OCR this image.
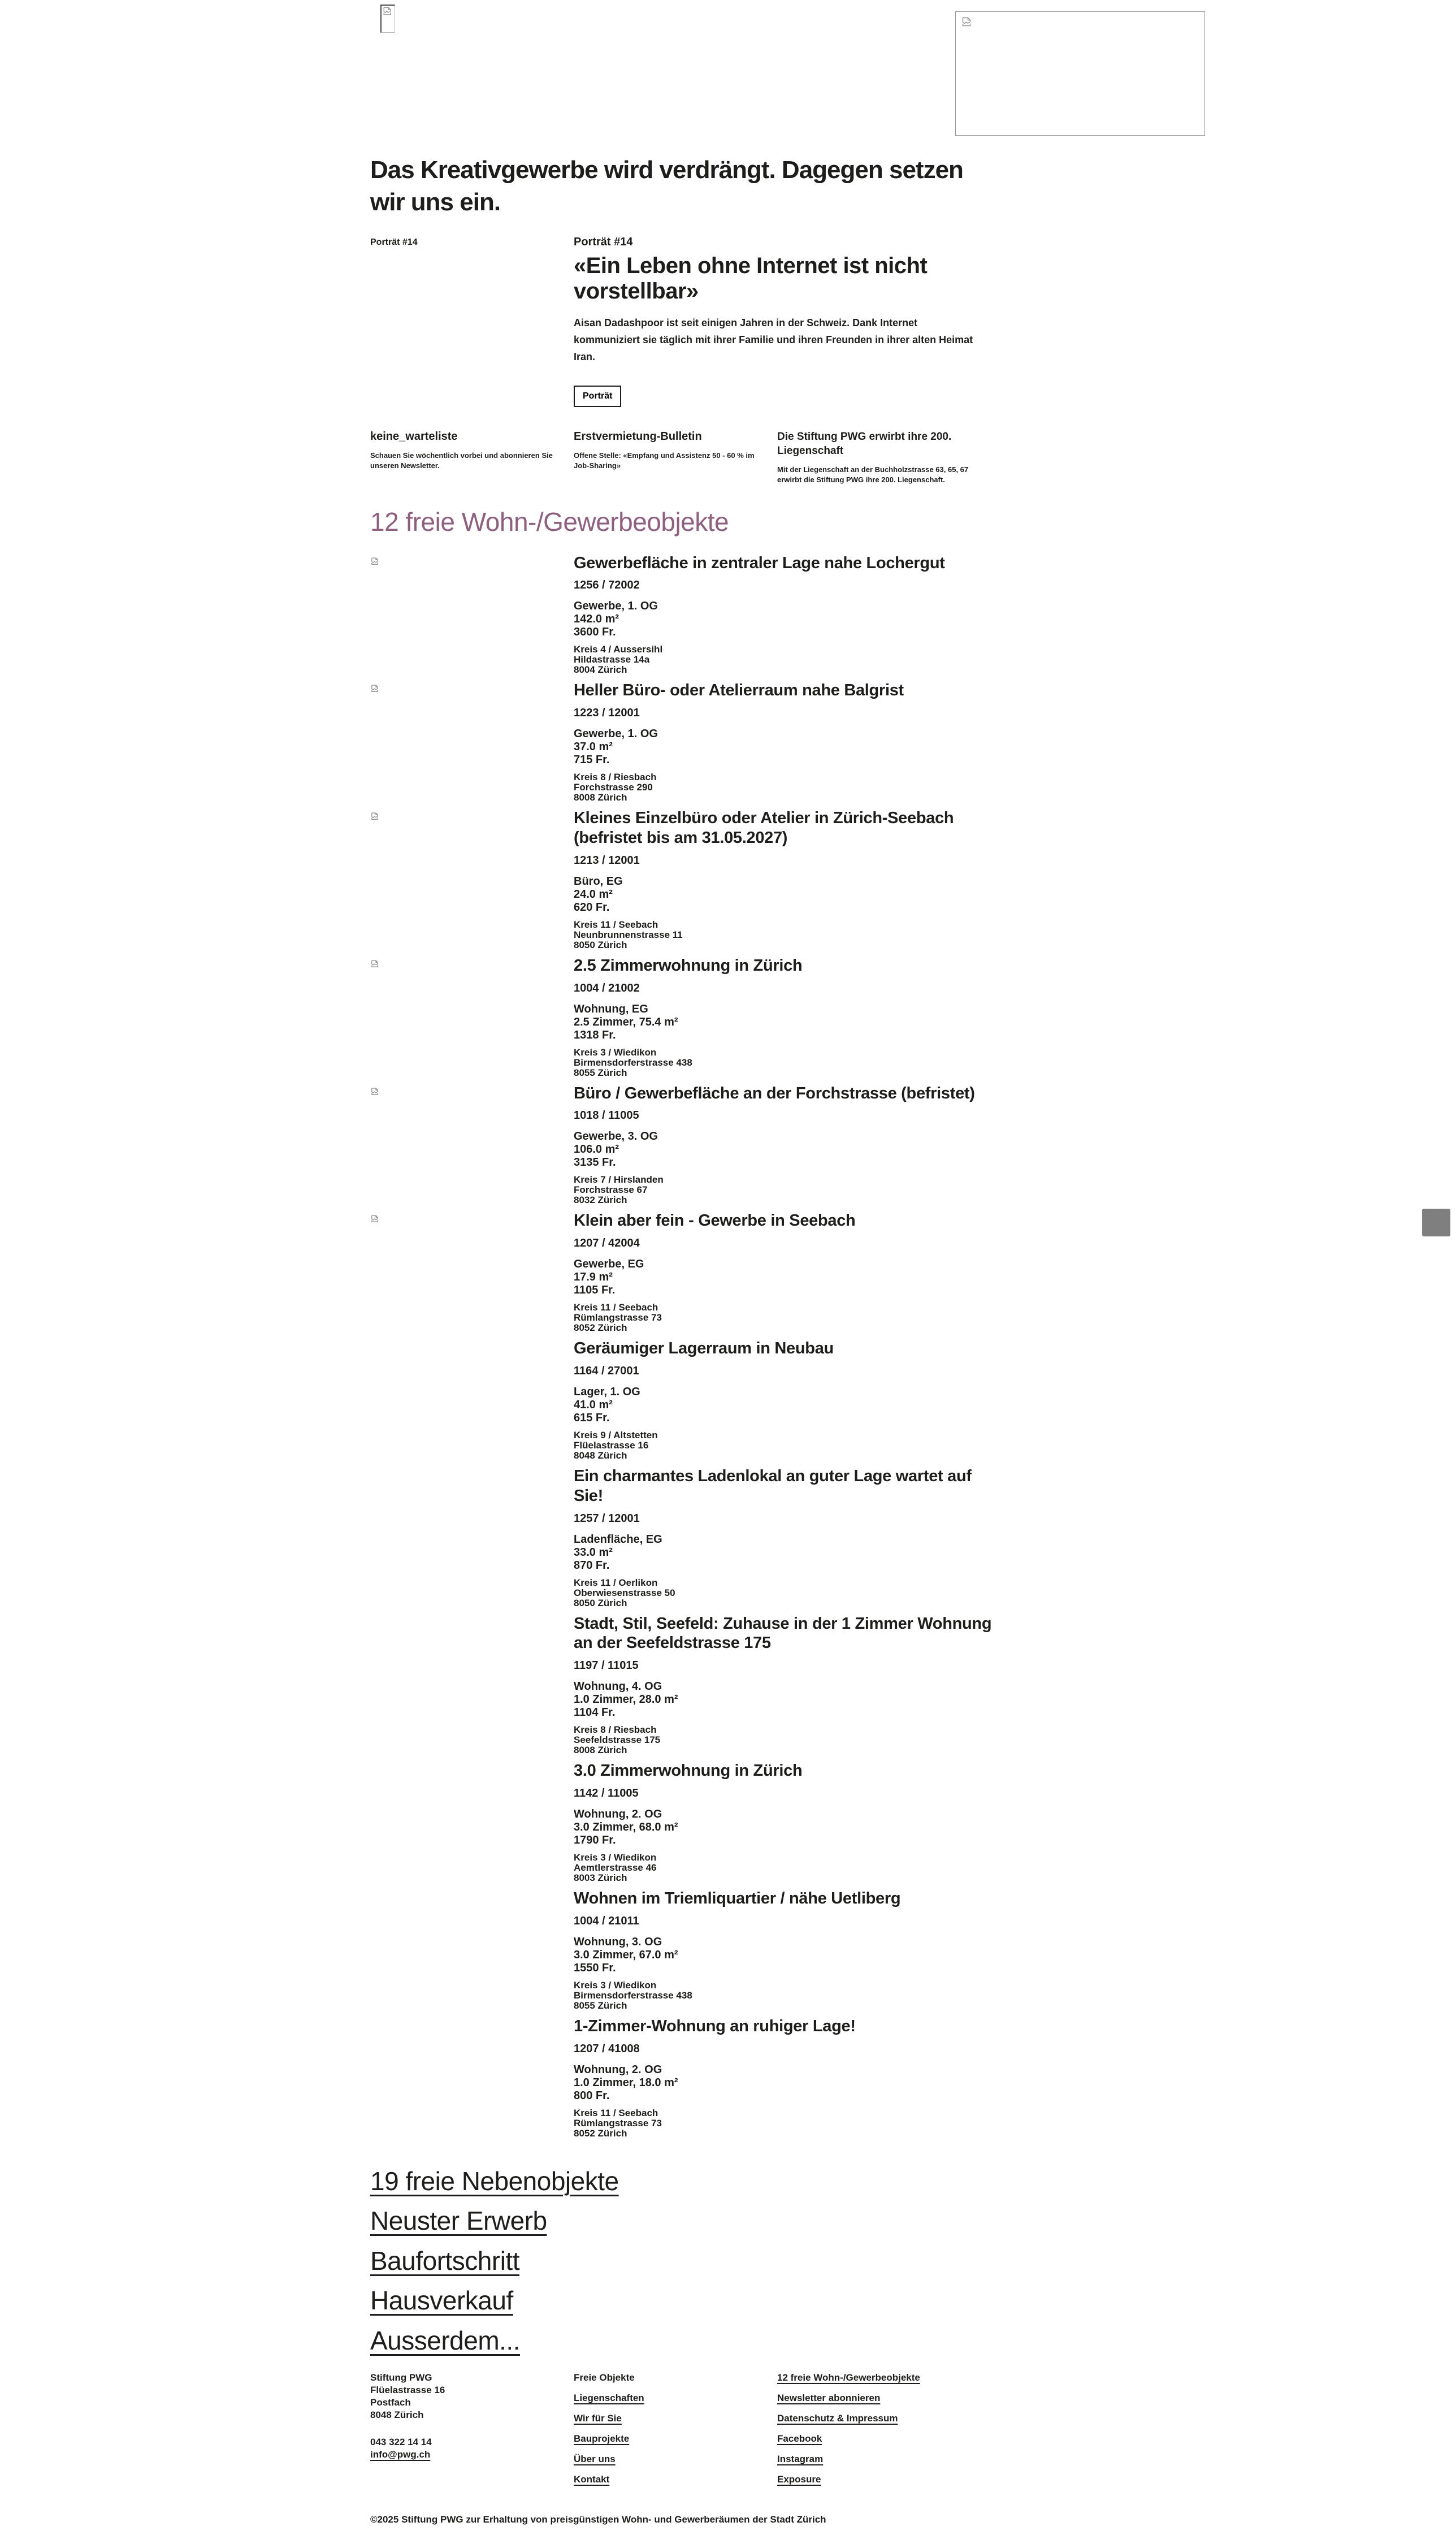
Das Kreativgewerbe wird verdrängt. Dagegen setzen wir uns ein.
Porträt #14	Porträt #14
«Ein Leben ohne Internet ist nicht vorstellbar»

Aisan Dadashpoor ist seit einigen Jahren in der Schweiz. Dank Internet kommuniziert sie täglich mit ihrer Familie und ihren Freunden in ihrer alten Heimat Iran.

Porträt
keine_warteliste
Schauen Sie wöchentlich vorbei und abonnieren Sie unseren Newsletter.
Erstvermietung-Bulletin
Offene Stelle: «Empfang und Assistenz 50 - 60 % im Job-Sharing»
Die Stiftung PWG erwirbt ihre 200. Liegenschaft
Mit der Liegenschaft an der Buchholzstrasse 63, 65, 67 erwirbt die Stiftung PWG ihre 200. Liegenschaft.
12 freie Wohn-/Gewerbeobjekte
Gewerbefläche in zentraler Lage nahe Lochergut
1256 / 72002
Gewerbe, 1. OG
142.0 m²
3600 Fr.
Kreis 4 / Aussersihl
Hildastrasse 14a
8004 Zürich
Heller Büro- oder Atelierraum nahe Balgrist
1223 / 12001
Gewerbe, 1. OG
37.0 m²
715 Fr.
Kreis 8 / Riesbach
Forchstrasse 290
8008 Zürich
Kleines Einzelbüro oder Atelier in Zürich-Seebach (befristet bis am 31.05.2027)
1213 / 12001
Büro, EG
24.0 m²
620 Fr.
Kreis 11 / Seebach
Neunbrunnenstrasse 11
8050 Zürich
2.5 Zimmerwohnung in Zürich
1004 / 21002
Wohnung, EG
2.5 Zimmer, 75.4 m²
1318 Fr.
Kreis 3 / Wiedikon
Birmensdorferstrasse 438
8055 Zürich
Büro / Gewerbefläche an der Forchstrasse (befristet)
1018 / 11005
Gewerbe, 3. OG
106.0 m²
3135 Fr.
Kreis 7 / Hirslanden
Forchstrasse 67
8032 Zürich
Klein aber fein - Gewerbe in Seebach
1207 / 42004
Gewerbe, EG
17.9 m²
1105 Fr.
Kreis 11 / Seebach
Rümlangstrasse 73
8052 Zürich
Geräumiger Lagerraum in Neubau
1164 / 27001
Lager, 1. OG
41.0 m²
615 Fr.
Kreis 9 / Altstetten
Flüelastrasse 16
8048 Zürich
Ein charmantes Ladenlokal an guter Lage wartet auf Sie!
1257 / 12001
Ladenfläche, EG
33.0 m²
870 Fr.
Kreis 11 / Oerlikon
Oberwiesenstrasse 50
8050 Zürich
Stadt, Stil, Seefeld: Zuhause in der 1 Zimmer Wohnung an der Seefeldstrasse 175
1197 / 11015
Wohnung, 4. OG
1.0 Zimmer, 28.0 m²
1104 Fr.
Kreis 8 / Riesbach
Seefeldstrasse 175
8008 Zürich
3.0 Zimmerwohnung in Zürich
1142 / 11005
Wohnung, 2. OG
3.0 Zimmer, 68.0 m²
1790 Fr.
Kreis 3 / Wiedikon
Aemtlerstrasse 46
8003 Zürich
Wohnen im Triemliquartier / nähe Uetliberg
1004 / 21011
Wohnung, 3. OG
3.0 Zimmer, 67.0 m²
1550 Fr.
Kreis 3 / Wiedikon
Birmensdorferstrasse 438
8055 Zürich
1-Zimmer-Wohnung an ruhiger Lage!
1207 / 41008
Wohnung, 2. OG
1.0 Zimmer, 18.0 m²
800 Fr.
Kreis 11 / Seebach
Rümlangstrasse 73
8052 Zürich
19 freie Nebenobjekte
Neuster Erwerb
Baufortschritt
Hausverkauf
Ausserdem...
Stiftung PWG
Flüelastrasse 16
Postfach
8048 Zürich
043 322 14 14
info@pwg.ch
Freie Objekte
Liegenschaften
Wir für Sie
Bauprojekte
Über uns
Kontakt
12 freie Wohn-/Gewerbeobjekte
Newsletter abonnieren
Datenschutz & Impressum
Facebook
Instagram
Exposure
©2025 Stiftung PWG zur Erhaltung von preisgünstigen Wohn- und Gewerberäumen der Stadt Zürich
